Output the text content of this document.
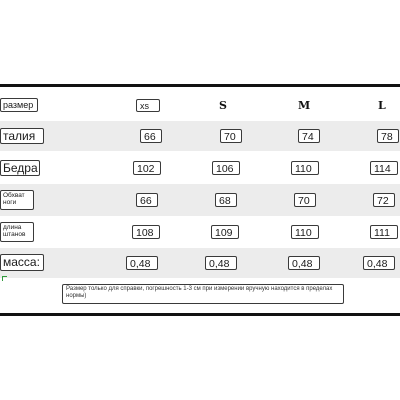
размер	xs	S	M	L
талия	66	70	74	78
Бедра	102	106	110	114
Обхват ноги	66	68	70	72
длина штанов	108	109	110	111
масса:	0,48	0,48	0,48	0,48
Размер только для справки, погрешность 1-3 см при измерении вручную находится в пределах нормы)
